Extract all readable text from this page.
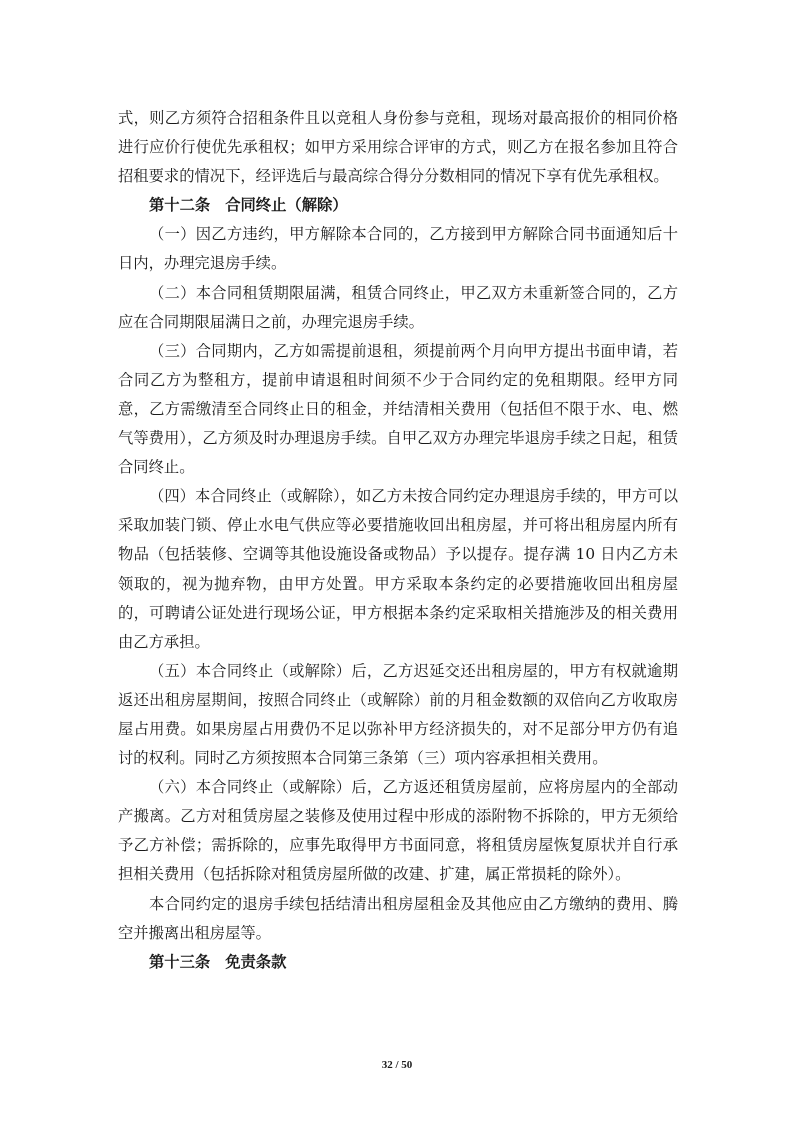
式，则乙方须符合招租条件且以竞租人身份参与竞租，现场对最高报价的相同价格进行应价行使优先承租权；如甲方采用综合评审的方式，则乙方在报名参加且符合招租要求的情况下，经评选后与最高综合得分分数相同的情况下享有优先承租权。

第十二条 合同终止（解除）

（一）因乙方违约，甲方解除本合同的，乙方接到甲方解除合同书面通知后十日内，办理完退房手续。

（二）本合同租赁期限届满，租赁合同终止，甲乙双方未重新签合同的，乙方应在合同期限届满日之前，办理完退房手续。

（三）合同期内，乙方如需提前退租，须提前两个月向甲方提出书面申请，若合同乙方为整租方，提前申请退租时间须不少于合同约定的免租期限。经甲方同意，乙方需缴清至合同终止日的租金，并结清相关费用（包括但不限于水、电、燃气等费用），乙方须及时办理退房手续。自甲乙双方办理完毕退房手续之日起，租赁合同终止。

（四）本合同终止（或解除），如乙方未按合同约定办理退房手续的，甲方可以采取加装门锁、停止水电气供应等必要措施收回出租房屋，并可将出租房屋内所有物品（包括装修、空调等其他设施设备或物品）予以提存。提存满 10 日内乙方未领取的，视为抛弃物，由甲方处置。甲方采取本条约定的必要措施收回出租房屋的，可聘请公证处进行现场公证，甲方根据本条约定采取相关措施涉及的相关费用由乙方承担。

（五）本合同终止（或解除）后，乙方迟延交还出租房屋的，甲方有权就逾期返还出租房屋期间，按照合同终止（或解除）前的月租金数额的双倍向乙方收取房屋占用费。如果房屋占用费仍不足以弥补甲方经济损失的，对不足部分甲方仍有追讨的权利。同时乙方须按照本合同第三条第（三）项内容承担相关费用。

（六）本合同终止（或解除）后，乙方返还租赁房屋前，应将房屋内的全部动产搬离。乙方对租赁房屋之装修及使用过程中形成的添附物不拆除的，甲方无须给予乙方补偿；需拆除的，应事先取得甲方书面同意，将租赁房屋恢复原状并自行承担相关费用（包括拆除对租赁房屋所做的改建、扩建，属正常损耗的除外）。

本合同约定的退房手续包括结清出租房屋租金及其他应由乙方缴纳的费用、腾空并搬离出租房屋等。

第十三条 免责条款

32 / 50
